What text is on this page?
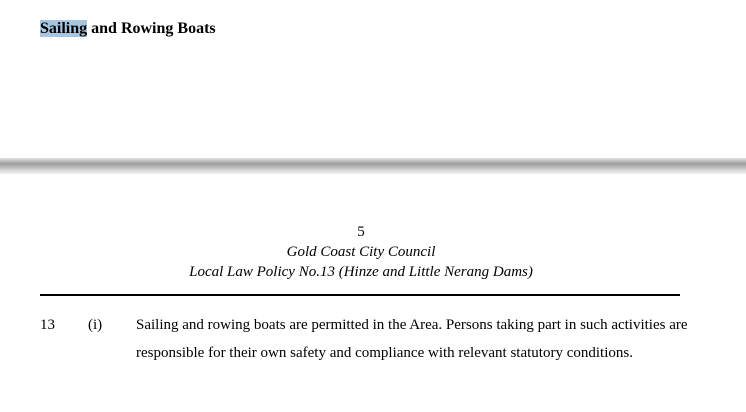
Sailing and Rowing Boats
5
Gold Coast City Council
Local Law Policy No.13 (Hinze and Little Nerang Dams)
13 (i) Sailing and rowing boats are permitted in the Area. Persons taking part in such activities are responsible for their own safety and compliance with relevant statutory conditions.
